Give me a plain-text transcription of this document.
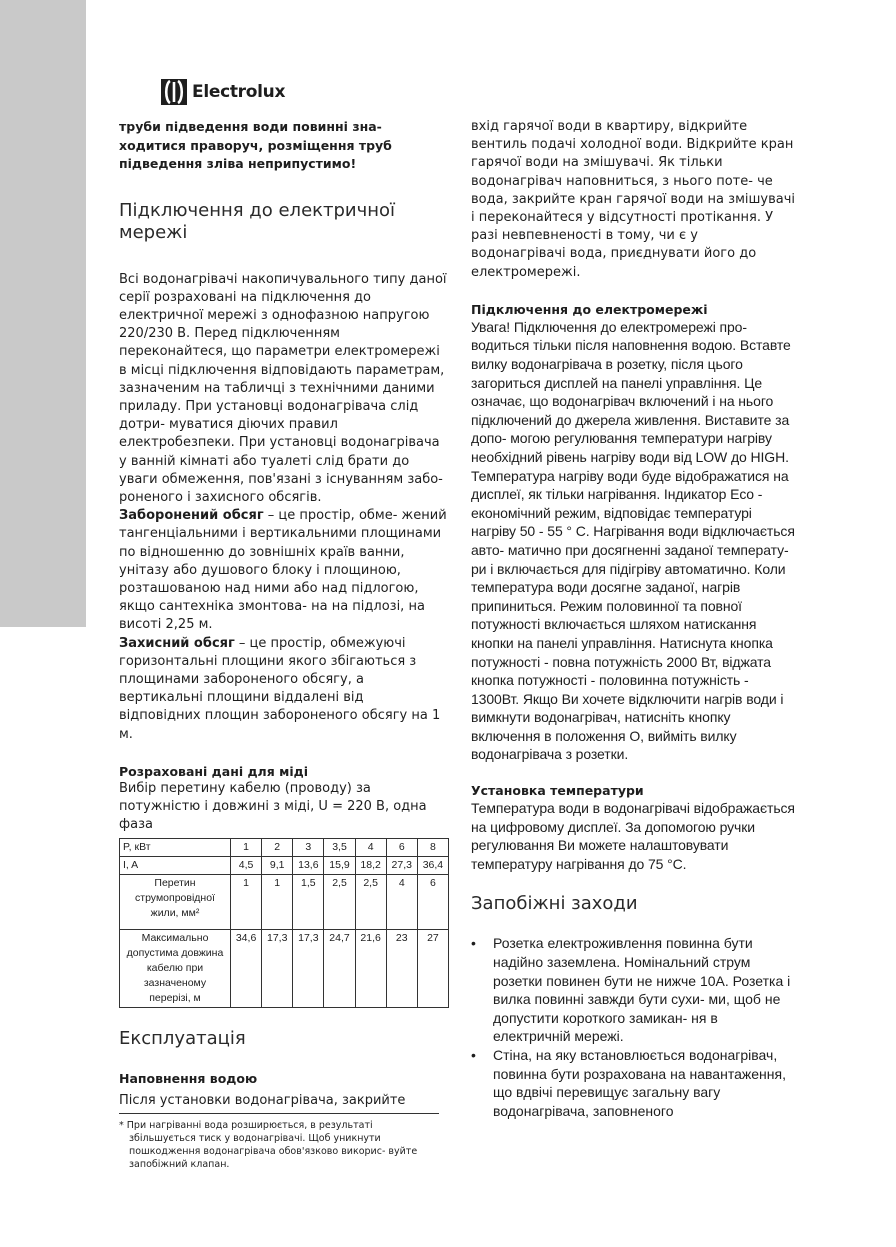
Electrolux

труби підведення води повинні зна- ходитися праворуч, розміщення труб підведення зліва неприпустимо!

Підключення до електричної мережі

Всі водонагрівачі накопичувального типу даної серії розраховані на підключення до електричної мережі з однофазною напругою 220/230 В. Перед підключенням переконайтеся, що параметри електромережі в місці підключення відповідають параметрам, зазначеним на табличці з технічними даними приладу. При установці водонагрівача слід дотри- муватися діючих правил електробезпеки. При установці водонагрівача у ванній кімнаті або туалеті слід брати до уваги обмеження, пов'язані з існуванням забо- роненого і захисного обсягів.

Заборонений обсяг – це простір, обме- жений тангенціальними і вертикальними площинами по відношенню до зовнішніх країв ванни, унітазу або душового блоку і площиною, розташованою над ними або над підлогою, якщо сантехніка змонтова- на на підлозі, на висоті 2,25 м.

Захисний обсяг – це простір, обмежуючі горизонтальні площини якого збігаються з площинами забороненого обсягу, а вертикальні площини віддалені від відповідних площин забороненого обсягу на 1 м.

Розраховані дані для міді

Вибір перетину кабелю (проводу) за потужністю і довжині з міді, U = 220 В, одна фаза

P, кВт	1	2	3	3,5	4	6	8
I, A	4,5	9,1	13,6	15,9	18,2	27,3	36,4
Перетин струмопровідної жили, мм²	1	1	1,5	2,5	2,5	4	6
Максимально допустима довжина кабелю при зазначеному перерізі, м	34,6	17,3	17,3	24,7	21,6	23	27
Експлуатація
Наповнення водою

Після установки водонагрівача, закрийте

* При нагріванні вода розширюється, в результаті збільшується тиск у водонагрівачі. Щоб уникнути пошкодження водонагрівача обов'язково викорис- вуйте запобіжний клапан.

вхід гарячої води в квартиру, відкрийте вентиль подачі холодної води. Відкрийте кран гарячої води на змішувачі. Як тільки водонагрівач наповниться, з нього поте- че вода, закрийте кран гарячої води на змішувачі і переконайтеся у відсутності протікання. У разі невпевненості в тому, чи є у водонагрівачі вода, приєднувати його до електромережі.

Підключення до електромережі

Увага! Підключення до електромережі про- водиться тільки після наповнення водою. Вставте вилку водонагрівача в розетку, після цього загориться дисплей на панелі управління. Це означає, що водонагрівач включений і на нього підключений до джерела живлення. Виставите за допо- могою регулювання температури нагріву необхідний рівень нагріву води від LOW до HIGH. Температура нагріву води буде відображатися на дисплеї, як тільки нагрівання. Індикатор Eco - економічний режим, відповідає температурі нагріву 50 - 55 ° С. Нагрівання води відключається авто- матично при досягненні заданої температу- ри і включається для підігріву автоматично. Коли температура води досягне заданої, нагрів припиниться. Режим половинної та повної потужності включається шляхом натискання кнопки на панелі управління. Натиснута кнопка потужності - повна потужність 2000 Вт, віджата кнопка потужності - половинна потужність - 1300Вт. Якщо Ви хочете відключити нагрів води і вимкнути водонагрівач, натисніть кнопку включення в положення О, вийміть вилку водонагрівача з розетки.

Установка температури

Температура води в водонагрівачі відображається на цифровому дисплеї. За допомогою ручки регулювання Ви можете налаштовувати температуру нагрівання до 75 °C.

Запобіжні заходи
• Розетка електроживлення повинна бути надійно заземлена. Номінальний струм розетки повинен бути не нижче 10А. Розетка і вилка повинні завжди бути сухи- ми, щоб не допустити короткого замикан- ня в електричній мережі.
• Стіна, на яку встановлюється водонагрівач, повинна бути розрахована на навантаження, що вдвічі перевищує загальну вагу водонагрівача, заповненого
